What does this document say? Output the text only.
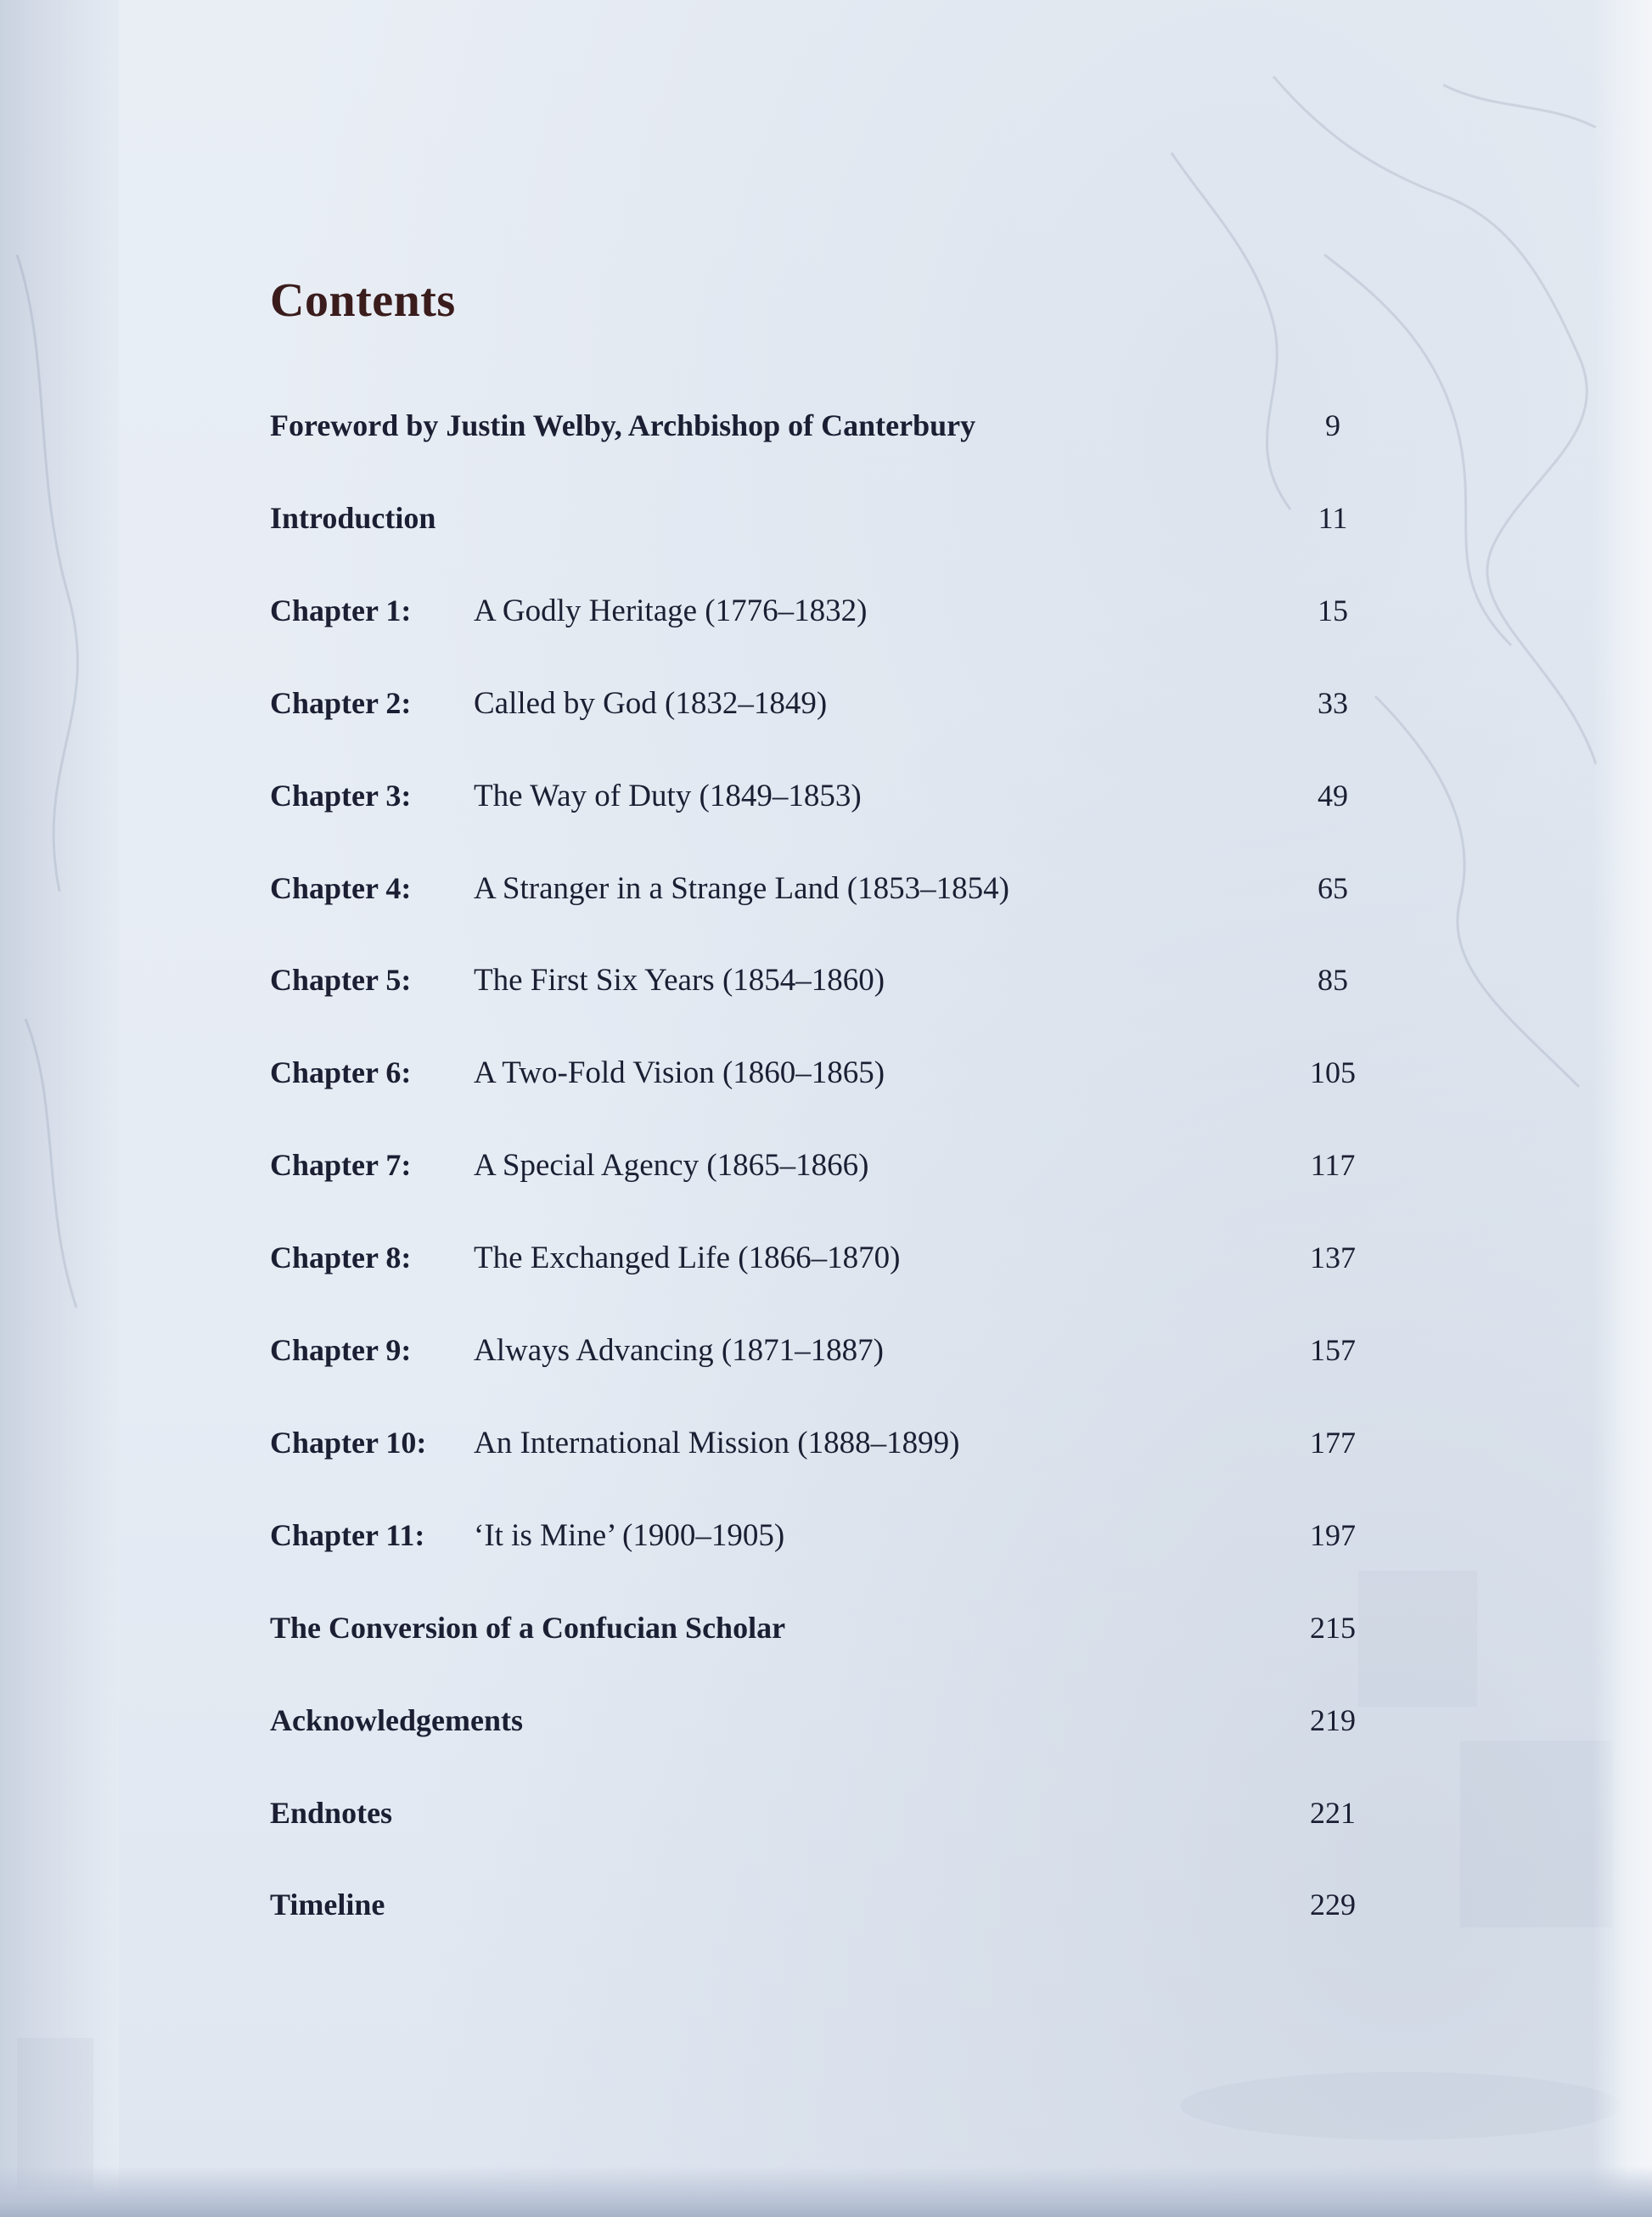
Contents
Foreword by Justin Welby, Archbishop of Canterbury	9
Introduction	11
Chapter 1: A Godly Heritage (1776–1832)	15
Chapter 2: Called by God (1832–1849)	33
Chapter 3: The Way of Duty (1849–1853)	49
Chapter 4: A Stranger in a Strange Land (1853–1854)	65
Chapter 5: The First Six Years (1854–1860)	85
Chapter 6: A Two-Fold Vision (1860–1865)	105
Chapter 7: A Special Agency (1865–1866)	117
Chapter 8: The Exchanged Life (1866–1870)	137
Chapter 9: Always Advancing (1871–1887)	157
Chapter 10: An International Mission (1888–1899)	177
Chapter 11: ‘It is Mine’ (1900–1905)	197
The Conversion of a Confucian Scholar	215
Acknowledgements	219
Endnotes	221
Timeline	229
